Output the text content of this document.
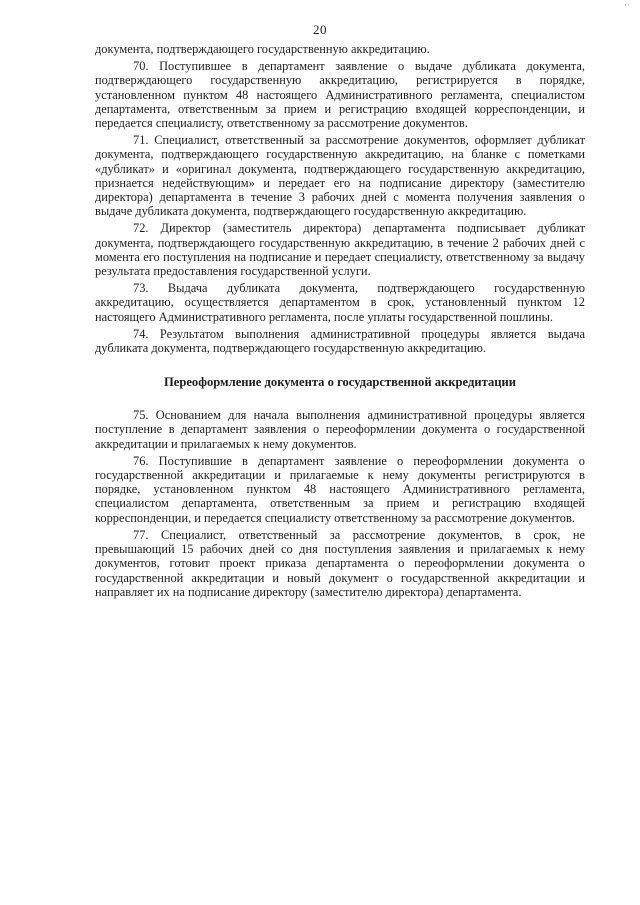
··
20

документа, подтверждающего государственную аккредитацию.

70. Поступившее в департамент заявление о выдаче дубликата документа, подтверждающего государственную аккредитацию, регистрируется в порядке, установленном пунктом 48 настоящего Административного регламента, специалистом департамента, ответственным за прием и регистрацию входящей корреспонденции, и передается специалисту, ответственному за рассмотрение документов.

71. Специалист, ответственный за рассмотрение документов, оформляет дубликат документа, подтверждающего государственную аккредитацию, на бланке с пометками «дубликат» и «оригинал документа, подтверждающего государственную аккредитацию, признается недействующим» и передает его на подписание директору (заместителю директора) департамента в течение 3 рабочих дней с момента получения заявления о выдаче дубликата документа, подтверждающего государственную аккредитацию.

72. Директор (заместитель директора) департамента подписывает дубликат документа, подтверждающего государственную аккредитацию, в течение 2 рабочих дней с момента его поступления на подписание и передает специалисту, ответственному за выдачу результата предоставления государственной услуги.

73. Выдача дубликата документа, подтверждающего государственную аккредитацию, осуществляется департаментом в срок, установленный пунктом 12 настоящего Административного регламента, после уплаты государственной пошлины.

74. Результатом выполнения административной процедуры является выдача дубликата документа, подтверждающего государственную аккредитацию.

Переоформление документа о государственной аккредитации

75. Основанием для начала выполнения административной процедуры является поступление в департамент заявления о переоформлении документа о государственной аккредитации и прилагаемых к нему документов.

76. Поступившие в департамент заявление о переоформлении документа о государственной аккредитации и прилагаемые к нему документы регистрируются в порядке, установленном пунктом 48 настоящего Административного регламента, специалистом департамента, ответственным за прием и регистрацию входящей корреспонденции, и передается специалисту ответственному за рассмотрение документов.

77. Специалист, ответственный за рассмотрение документов, в срок, не превышающий 15 рабочих дней со дня поступления заявления и прилагаемых к нему документов, готовит проект приказа департамента о переоформлении документа о государственной аккредитации и новый документ о государственной аккредитации и направляет их на подписание директору (заместителю директора) департамента.
